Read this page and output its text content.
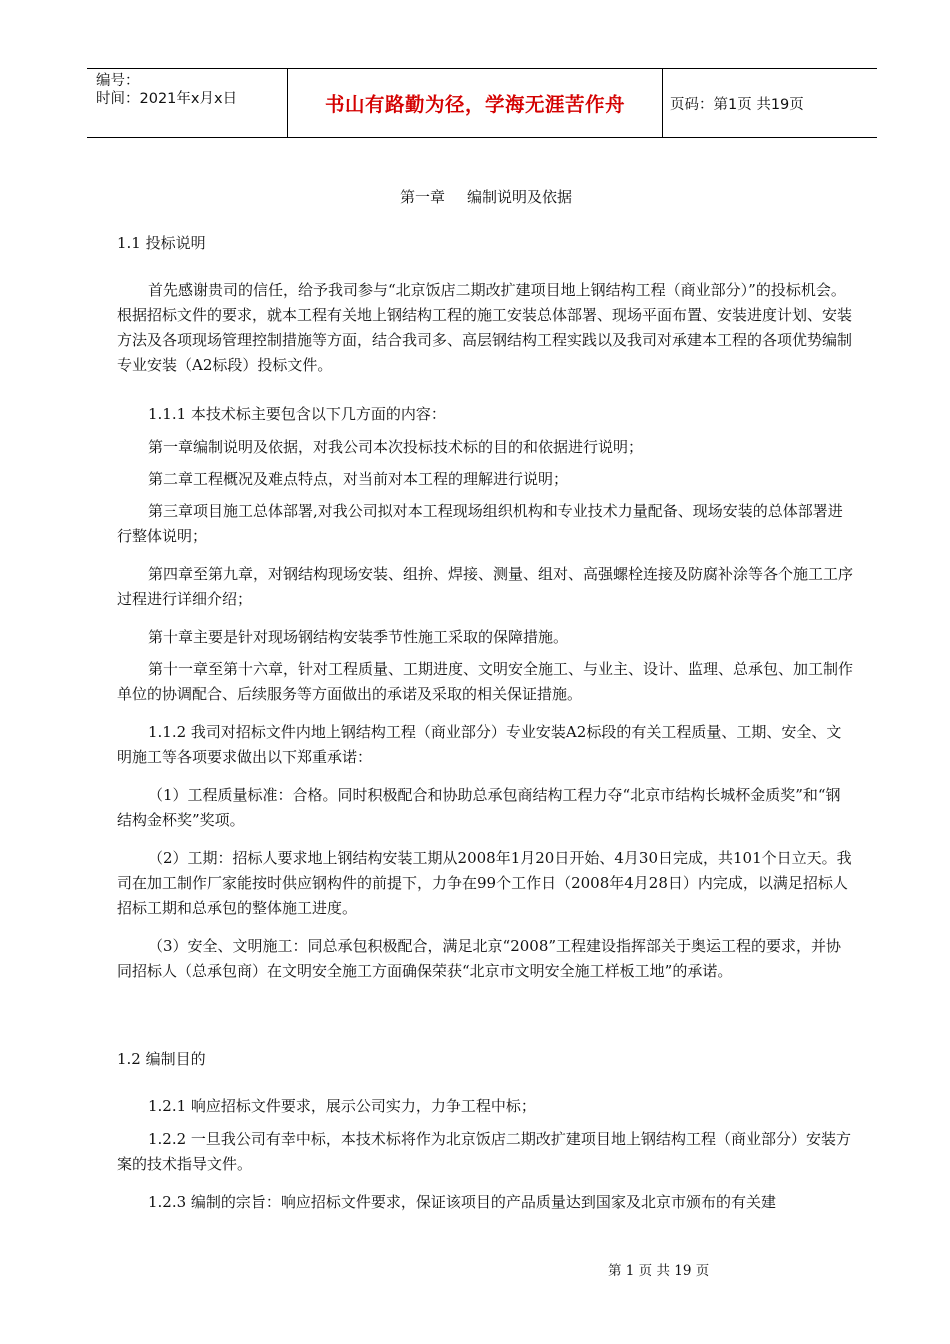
编号：
时间：2021年x月x日	书山有路勤为径，学海无涯苦作舟	页码：第1页 共19页
第一章 编制说明及依据
1.1 投标说明
首先感谢贵司的信任，给予我司参与“北京饭店二期改扩建项目地上钢结构工程（商业部分）”的投标机会。根据招标文件的要求，就本工程有关地上钢结构工程的施工安装总体部署、现场平面布置、安装进度计划、安装方法及各项现场管理控制措施等方面，结合我司多、高层钢结构工程实践以及我司对承建本工程的各项优势编制专业安装（A2标段）投标文件。
1.1.1 本技术标主要包含以下几方面的内容：
第一章编制说明及依据，对我公司本次投标技术标的目的和依据进行说明；
第二章工程概况及难点特点，对当前对本工程的理解进行说明；
第三章项目施工总体部署,对我公司拟对本工程现场组织机构和专业技术力量配备、现场安装的总体部署进行整体说明；
第四章至第九章，对钢结构现场安装、组拚、焊接、测量、组对、高强螺栓连接及防腐补涂等各个施工工序过程进行详细介绍；
第十章主要是针对现场钢结构安装季节性施工采取的保障措施。
第十一章至第十六章，针对工程质量、工期进度、文明安全施工、与业主、设计、监理、总承包、加工制作单位的协调配合、后续服务等方面做出的承诺及采取的相关保证措施。
1.1.2 我司对招标文件内地上钢结构工程（商业部分）专业安装A2标段的有关工程质量、工期、安全、文明施工等各项要求做出以下郑重承诺：
（1）工程质量标准：合格。同时积极配合和协助总承包商结构工程力夺“北京市结构长城杯金质奖”和“钢结构金杯奖”奖项。
（2）工期：招标人要求地上钢结构安装工期从2008年1月20日开始、4月30日完成，共101个日立天。我司在加工制作厂家能按时供应钢构件的前提下，力争在99个工作日（2008年4月28日）内完成，以满足招标人招标工期和总承包的整体施工进度。
（3）安全、文明施工：同总承包积极配合，满足北京“2008”工程建设指挥部关于奥运工程的要求，并协同招标人（总承包商）在文明安全施工方面确保荣获“北京市文明安全施工样板工地”的承诺。
1.2 编制目的
1.2.1 响应招标文件要求，展示公司实力，力争工程中标；
1.2.2 一旦我公司有幸中标，本技术标将作为北京饭店二期改扩建项目地上钢结构工程（商业部分）安装方案的技术指导文件。
1.2.3 编制的宗旨：响应招标文件要求，保证该项目的产品质量达到国家及北京市颁布的有关建
第 1 页 共 19 页
